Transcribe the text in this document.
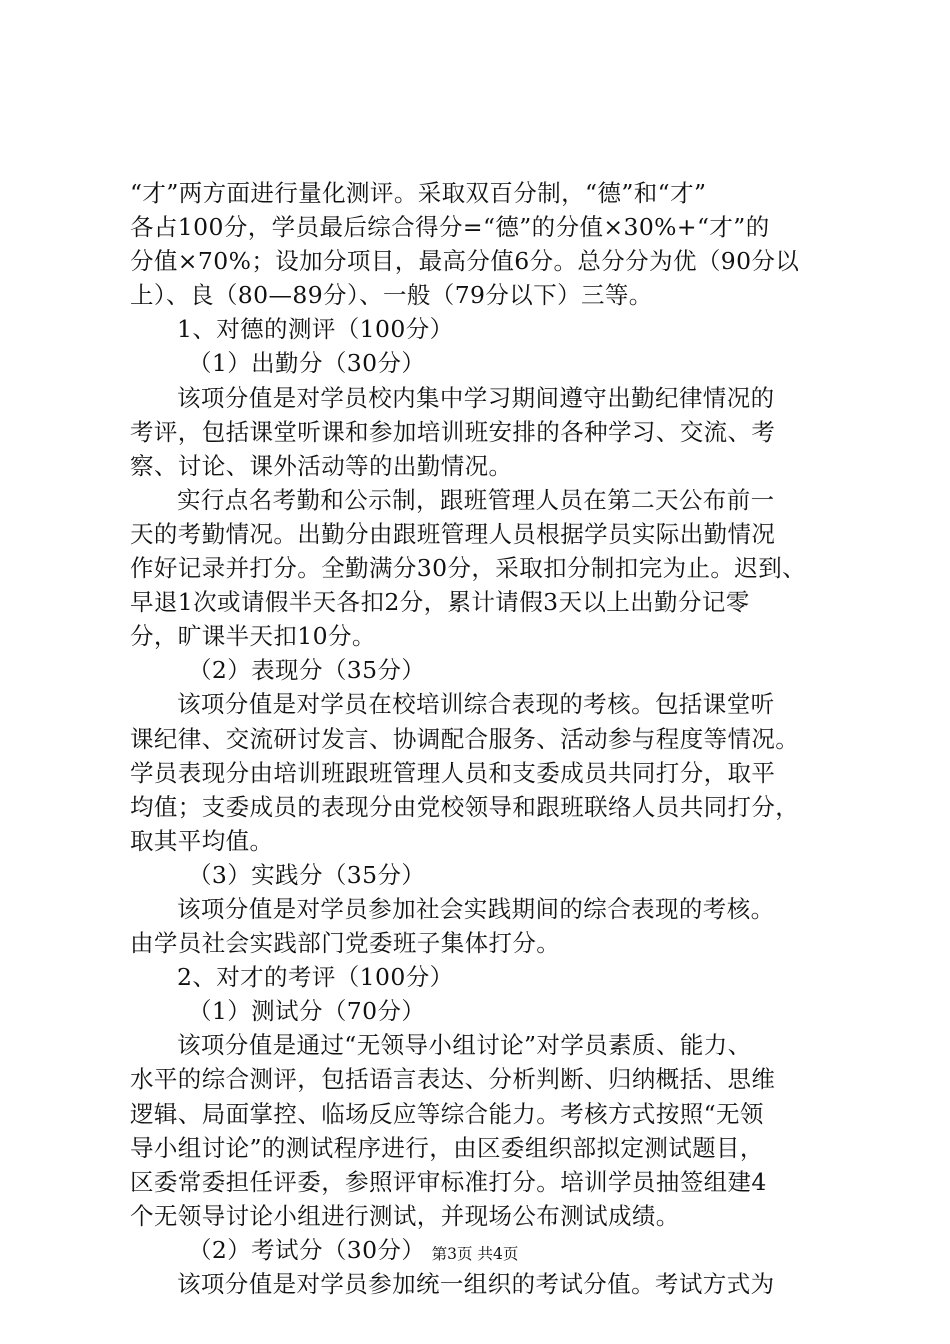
“才”两方面进行量化测评。采取双百分制，“德”和“才”
各占100分，学员最后综合得分=“德”的分值×30%+“才”的
分值×70%；设加分项目，最高分值6分。总分分为优（90分以
上）、良（80—89分）、一般（79分以下）三等。
1、对德的测评（100分）
（1）出勤分（30分）
该项分值是对学员校内集中学习期间遵守出勤纪律情况的
考评，包括课堂听课和参加培训班安排的各种学习、交流、考
察、讨论、课外活动等的出勤情况。
实行点名考勤和公示制，跟班管理人员在第二天公布前一
天的考勤情况。出勤分由跟班管理人员根据学员实际出勤情况
作好记录并打分。全勤满分30分，采取扣分制扣完为止。迟到、
早退1次或请假半天各扣2分，累计请假3天以上出勤分记零
分，旷课半天扣10分。
（2）表现分（35分）
该项分值是对学员在校培训综合表现的考核。包括课堂听
课纪律、交流研讨发言、协调配合服务、活动参与程度等情况。
学员表现分由培训班跟班管理人员和支委成员共同打分，取平
均值；支委成员的表现分由党校领导和跟班联络人员共同打分，
取其平均值。
（3）实践分（35分）
该项分值是对学员参加社会实践期间的综合表现的考核。
由学员社会实践部门党委班子集体打分。
2、对才的考评（100分）
（1）测试分（70分）
该项分值是通过“无领导小组讨论”对学员素质、能力、
水平的综合测评，包括语言表达、分析判断、归纳概括、思维
逻辑、局面掌控、临场反应等综合能力。考核方式按照“无领
导小组讨论”的测试程序进行，由区委组织部拟定测试题目，
区委常委担任评委，参照评审标准打分。培训学员抽签组建4
个无领导讨论小组进行测试，并现场公布测试成绩。
（2）考试分（30分）
该项分值是对学员参加统一组织的考试分值。考试方式为
第3页 共4页
